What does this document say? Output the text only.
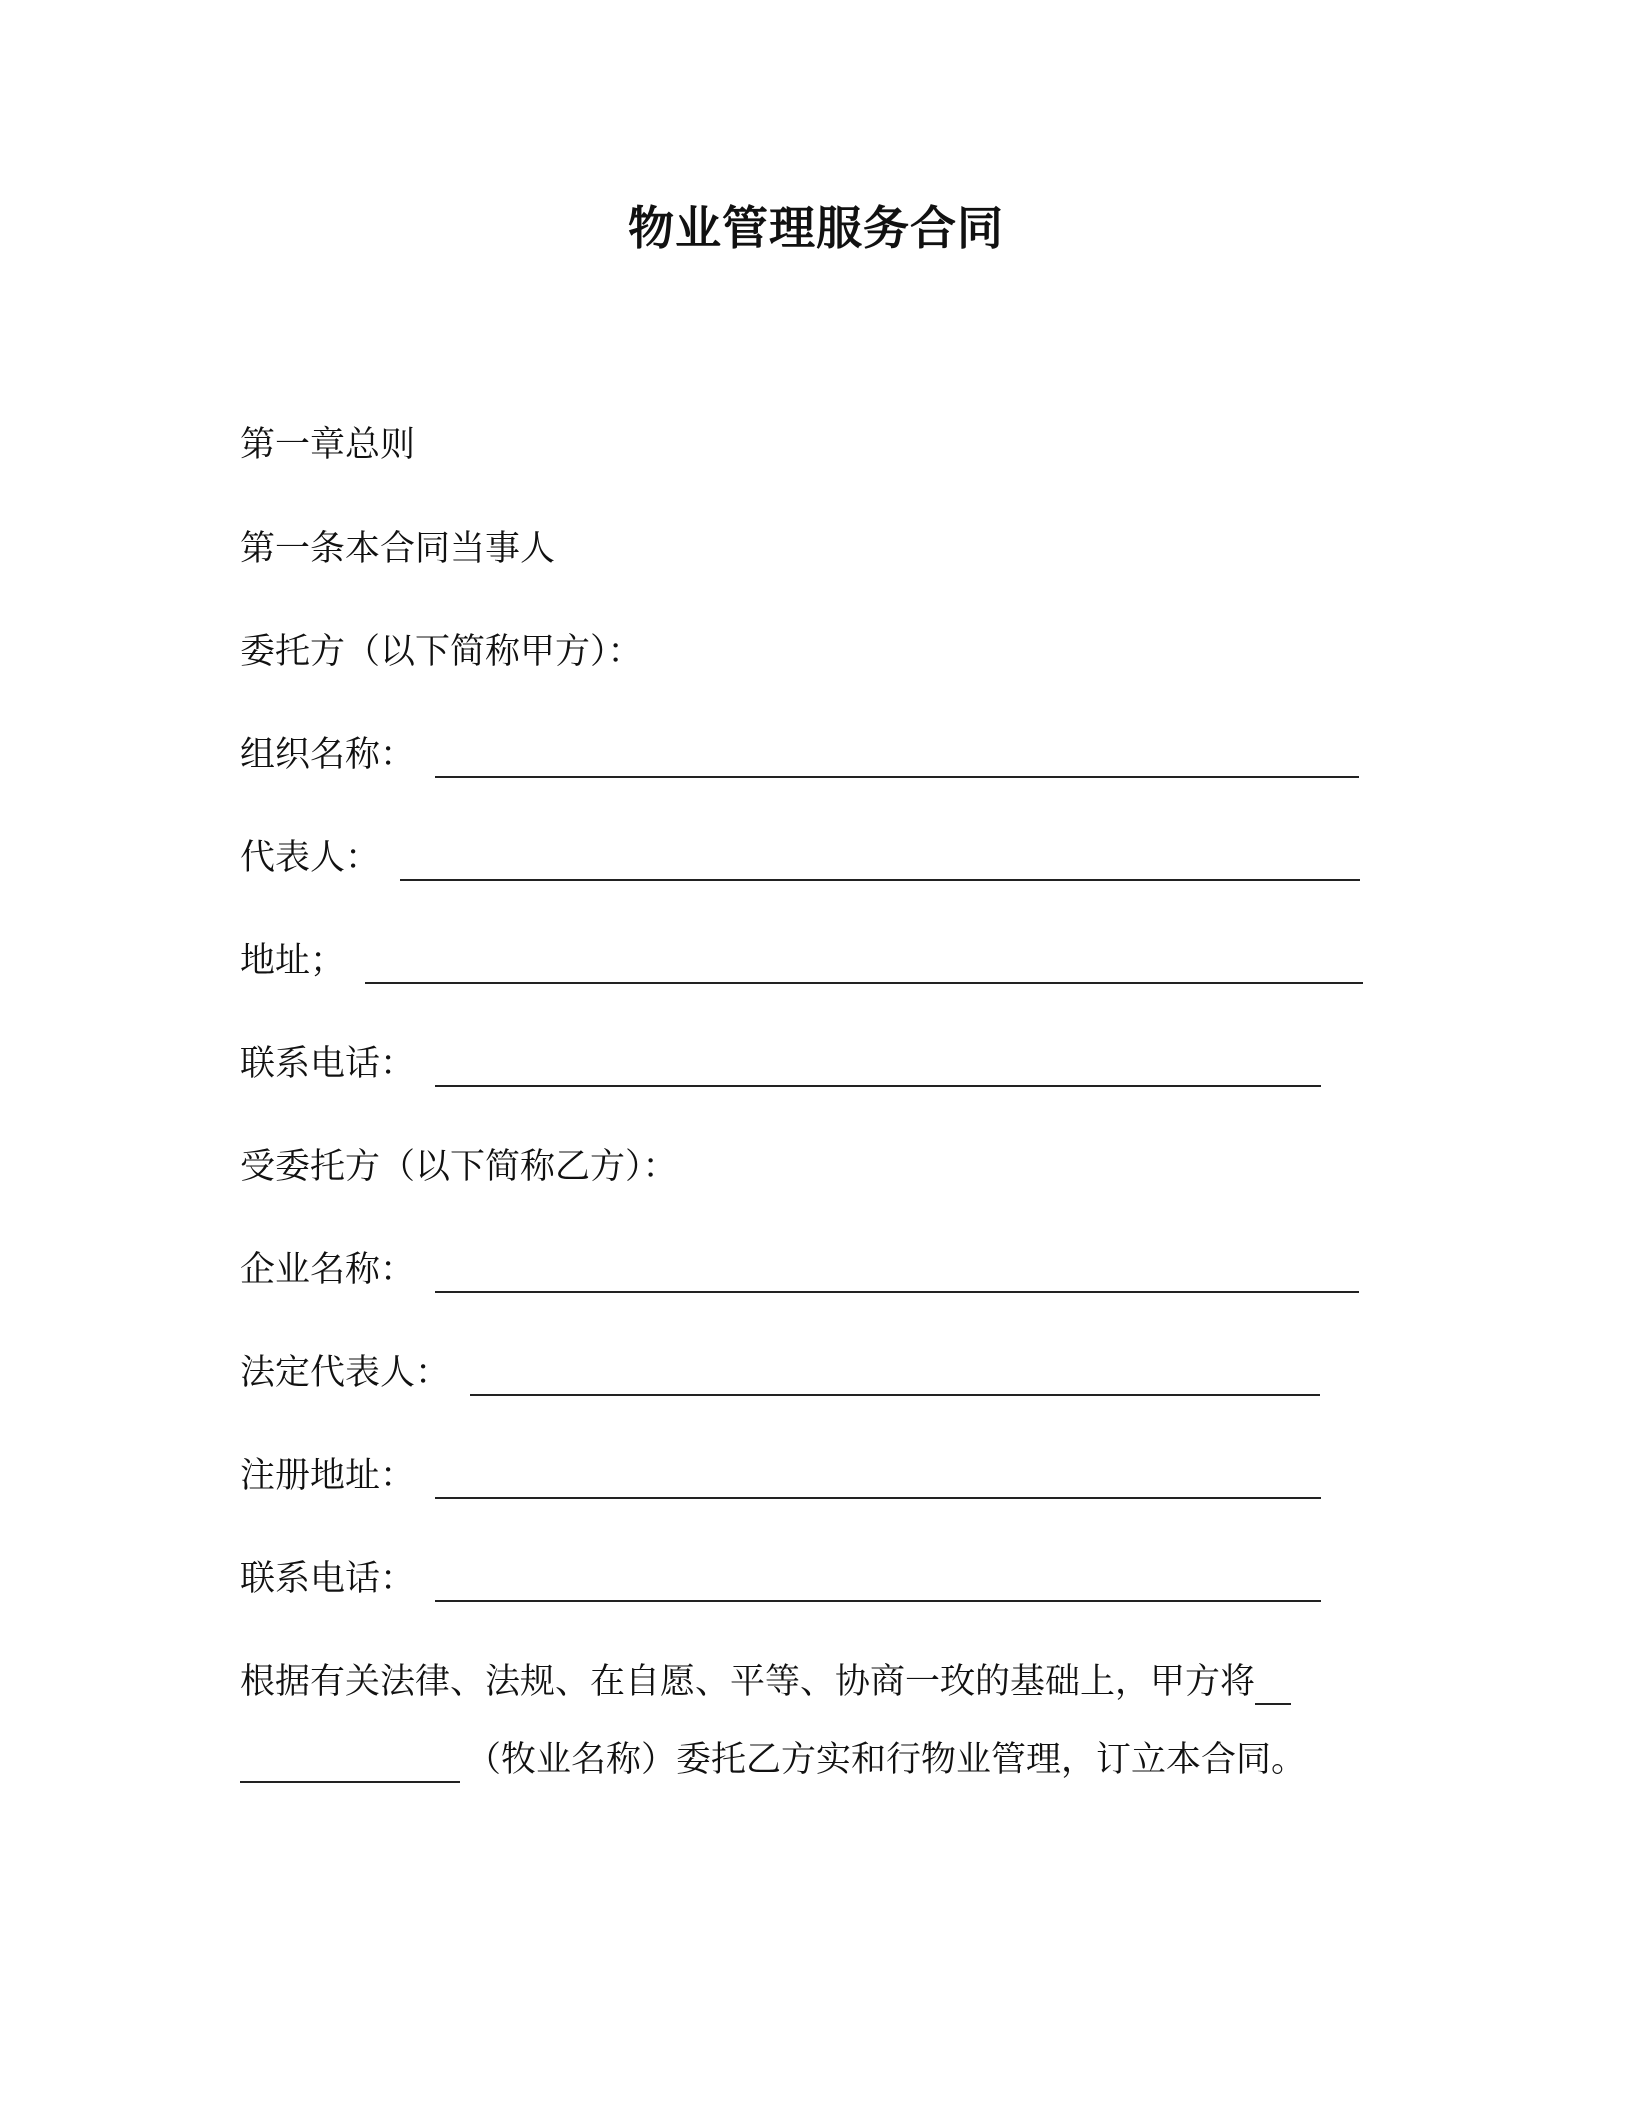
物业管理服务合同
第一章总则
第一条本合同当事人
委托方（以下简称甲方）：
组织名称：
代表人：
地址；
联系电话：
受委托方（以下简称乙方）：
企业名称：
法定代表人：
注册地址：
联系电话：
根据有关法律、法规、在自愿、平等、协商一玫的基础上，甲方将
（牧业名称）委托乙方实和行物业管理，订立本合同。
